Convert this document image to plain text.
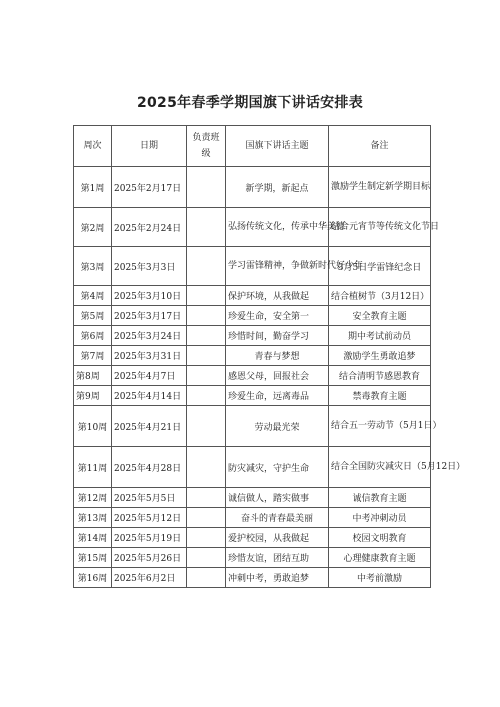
2025年春季学期国旗下讲话安排表
周次	日期	负责班级	国旗下讲话主题	备注
第1周	2025年2月17日		新学期，新起点	激励学生制定新学期目标
第2周	2025年2月24日		弘扬传统文化，传承中华美德	结合元宵节等传统文化节日
第3周	2025年3月3日		学习雷锋精神，争做新时代好少年	3月5日学雷锋纪念日
第4周	2025年3月10日		保护环境，从我做起	结合植树节（3月12日）
第5周	2025年3月17日		珍爱生命，安全第一	安全教育主题
第6周	2025年3月24日		珍惜时间，勤奋学习	期中考试前动员
第7周	2025年3月31日		青春与梦想	激励学生勇敢追梦
第8周	2025年4月7日		感恩父母，回报社会	结合清明节感恩教育
第9周	2025年4月14日		珍爱生命，远离毒品	禁毒教育主题
第10周	2025年4月21日		劳动最光荣	结合五一劳动节（5月1日）
第11周	2025年4月28日		防灾减灾，守护生命	结合全国防灾减灾日（5月12日）
第12周	2025年5月5日		诚信做人，踏实做事	诚信教育主题
第13周	2025年5月12日		奋斗的青春最美丽	中考冲刺动员
第14周	2025年5月19日		爱护校园，从我做起	校园文明教育
第15周	2025年5月26日		珍惜友谊，团结互助	心理健康教育主题
第16周	2025年6月2日		冲刺中考，勇敢追梦	中考前激励
